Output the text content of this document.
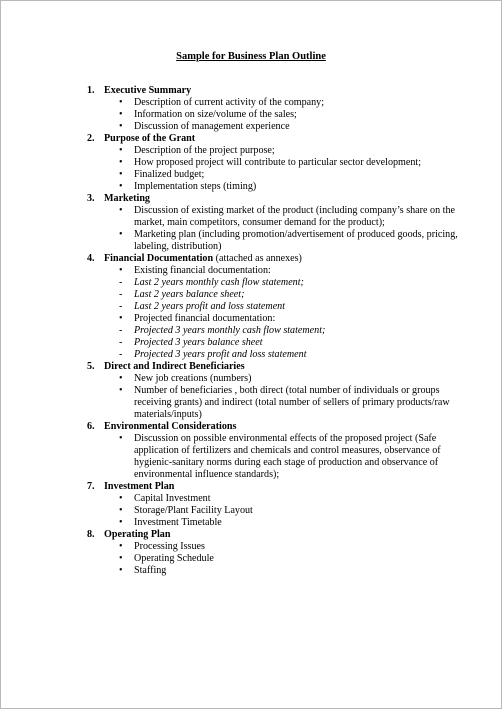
Sample for Business Plan Outline
1. Executive Summary
•	Description of current activity of the company;
•	Information on size/volume of the sales;
•	Discussion of management experience
2. Purpose of the Grant
•	Description of the project purpose;
•	How proposed project will contribute to particular sector development;
•	Finalized budget;
•	Implementation steps (timing)
3. Marketing
•	Discussion of existing market of the product (including company’s share on the market, main competitors, consumer demand for the product);
•	Marketing plan (including promotion/advertisement of produced goods, pricing, labeling, distribution)
4. Financial Documentation (attached as annexes)
•	Existing financial documentation:
-	Last 2 years monthly cash flow statement;
-	Last 2 years balance sheet;
-	Last 2 years profit and loss statement
•	Projected financial documentation:
-	Projected 3 years monthly cash flow statement;
-	Projected 3 years balance sheet
-	Projected 3 years profit and loss statement
5. Direct and Indirect Beneficiaries
•	New job creations (numbers)
•	Number of beneficiaries , both direct (total number of individuals or groups receiving grants) and indirect (total number of sellers of primary products/raw materials/inputs)
6. Environmental Considerations
•	Discussion on possible environmental effects of the proposed project (Safe application of fertilizers and chemicals and control measures, observance of hygienic-sanitary norms during each stage of production and observance of environmental influence standards);
7. Investment Plan
•	Capital Investment
•	Storage/Plant Facility Layout
•	Investment Timetable
8. Operating Plan
•	Processing Issues
•	Operating Schedule
•	Staffing
